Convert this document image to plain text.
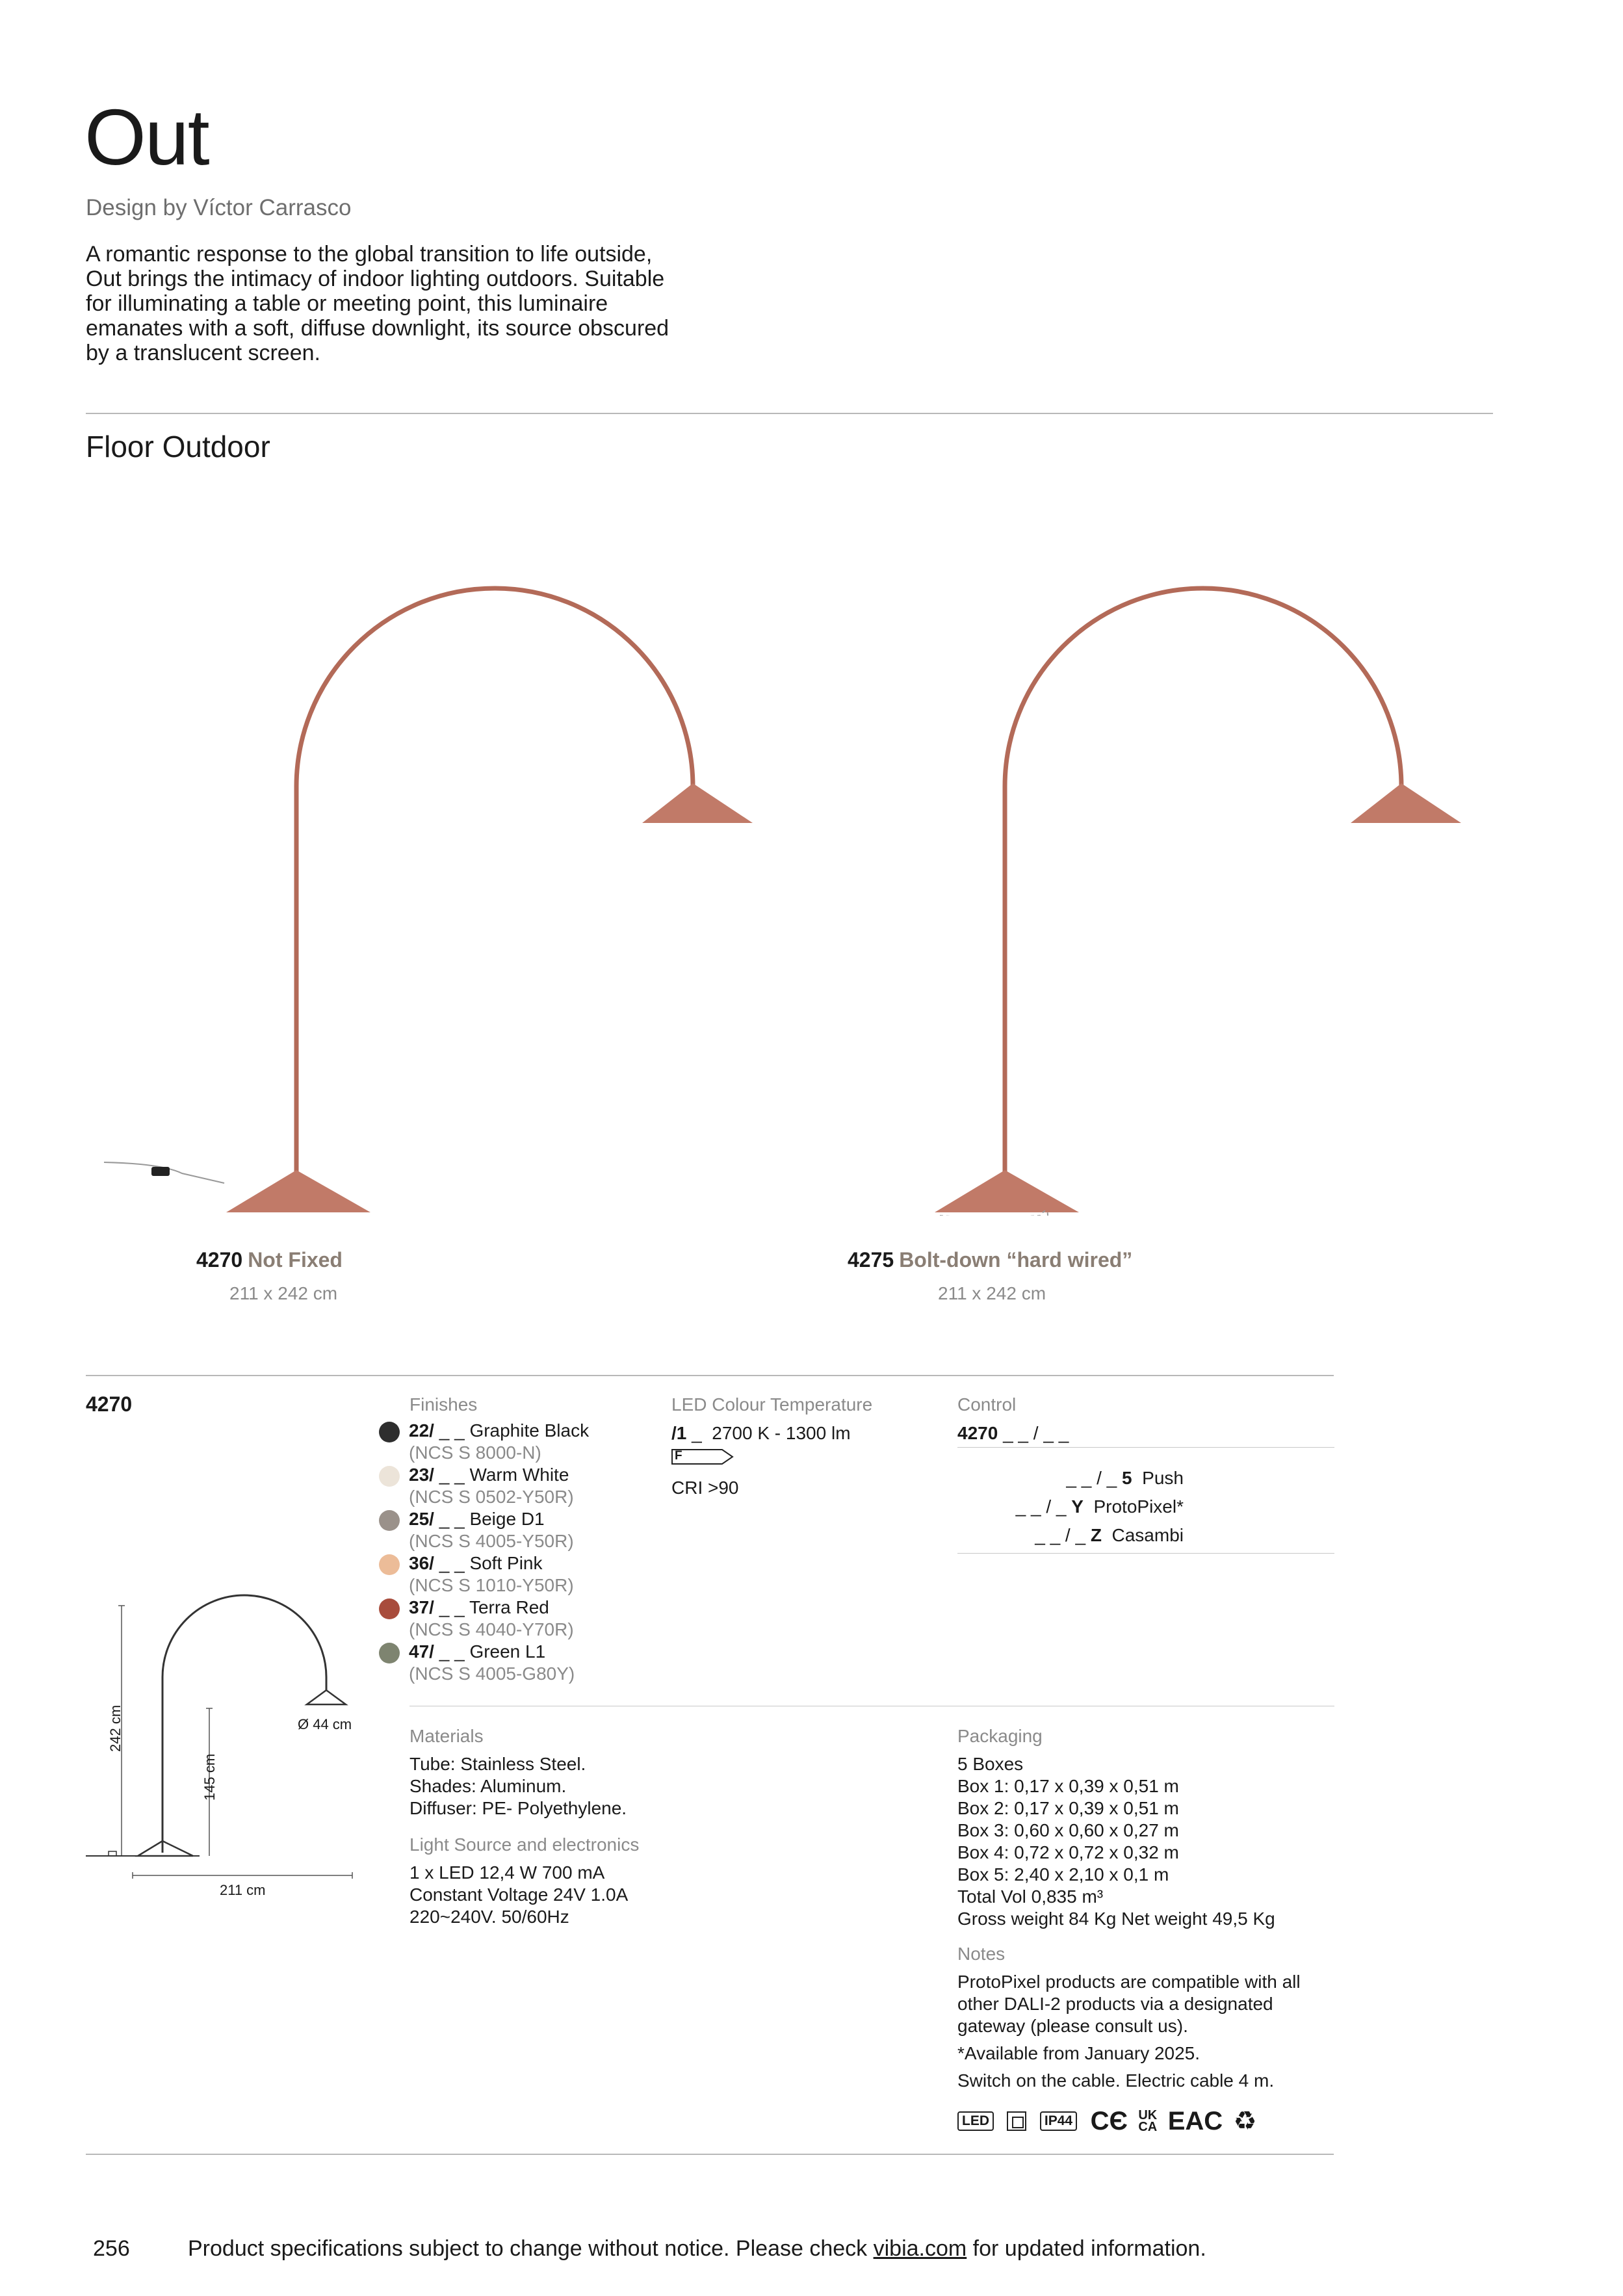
Out
Design by Víctor Carrasco
A romantic response to the global transition to life outside, Out brings the intimacy of indoor lighting outdoors. Suitable for illuminating a table or meeting point, this luminaire emanates with a soft, diffuse downlight, its source obscured by a translucent screen.
Floor Outdoor
4270 Not Fixed
211 x 242 cm
4275 Bolt-down “hard wired”
211 x 242 cm
4270
242 cm
145 cm
Ø 44 cm
211 cm
Finishes
22/ _ _ Graphite Black
(NCS S 8000-N)
23/ _ _ Warm White
(NCS S 0502-Y50R)
25/ _ _ Beige D1
(NCS S 4005-Y50R)
36/ _ _ Soft Pink
(NCS S 1010-Y50R)
37/ _ _ Terra Red
(NCS S 4040-Y70R)
47/ _ _ Green L1
(NCS S 4005-G80Y)
LED Colour Temperature
/1 _ 2700 K - 1300 lm
F
CRI >90
Control
4270 _ _ / _ _
_ _ / _ 5 Push
_ _ / _ Y ProtoPixel*
_ _ / _ Z Casambi
Materials
Tube: Stainless Steel.
Shades: Aluminum.
Diffuser: PE- Polyethylene.
Light Source and electronics
1 x LED 12,4 W 700 mA
Constant Voltage 24V 1.0A
220~240V. 50/60Hz
Packaging
5 Boxes
Box 1: 0,17 x 0,39 x 0,51 m
Box 2: 0,17 x 0,39 x 0,51 m
Box 3: 0,60 x 0,60 x 0,27 m
Box 4: 0,72 x 0,72 x 0,32 m
Box 5: 2,40 x 2,10 x 0,1 m
Total Vol 0,835 m³
Gross weight 84 Kg Net weight 49,5 Kg
Notes
ProtoPixel products are compatible with all other DALI-2 products via a designated gateway (please consult us).
*Available from January 2025.
Switch on the cable. Electric cable 4 m.
LED	IP44 CЄ UK
CA EAC ♻
256	Product specifications subject to change without notice. Please check vibia.com for updated information.
